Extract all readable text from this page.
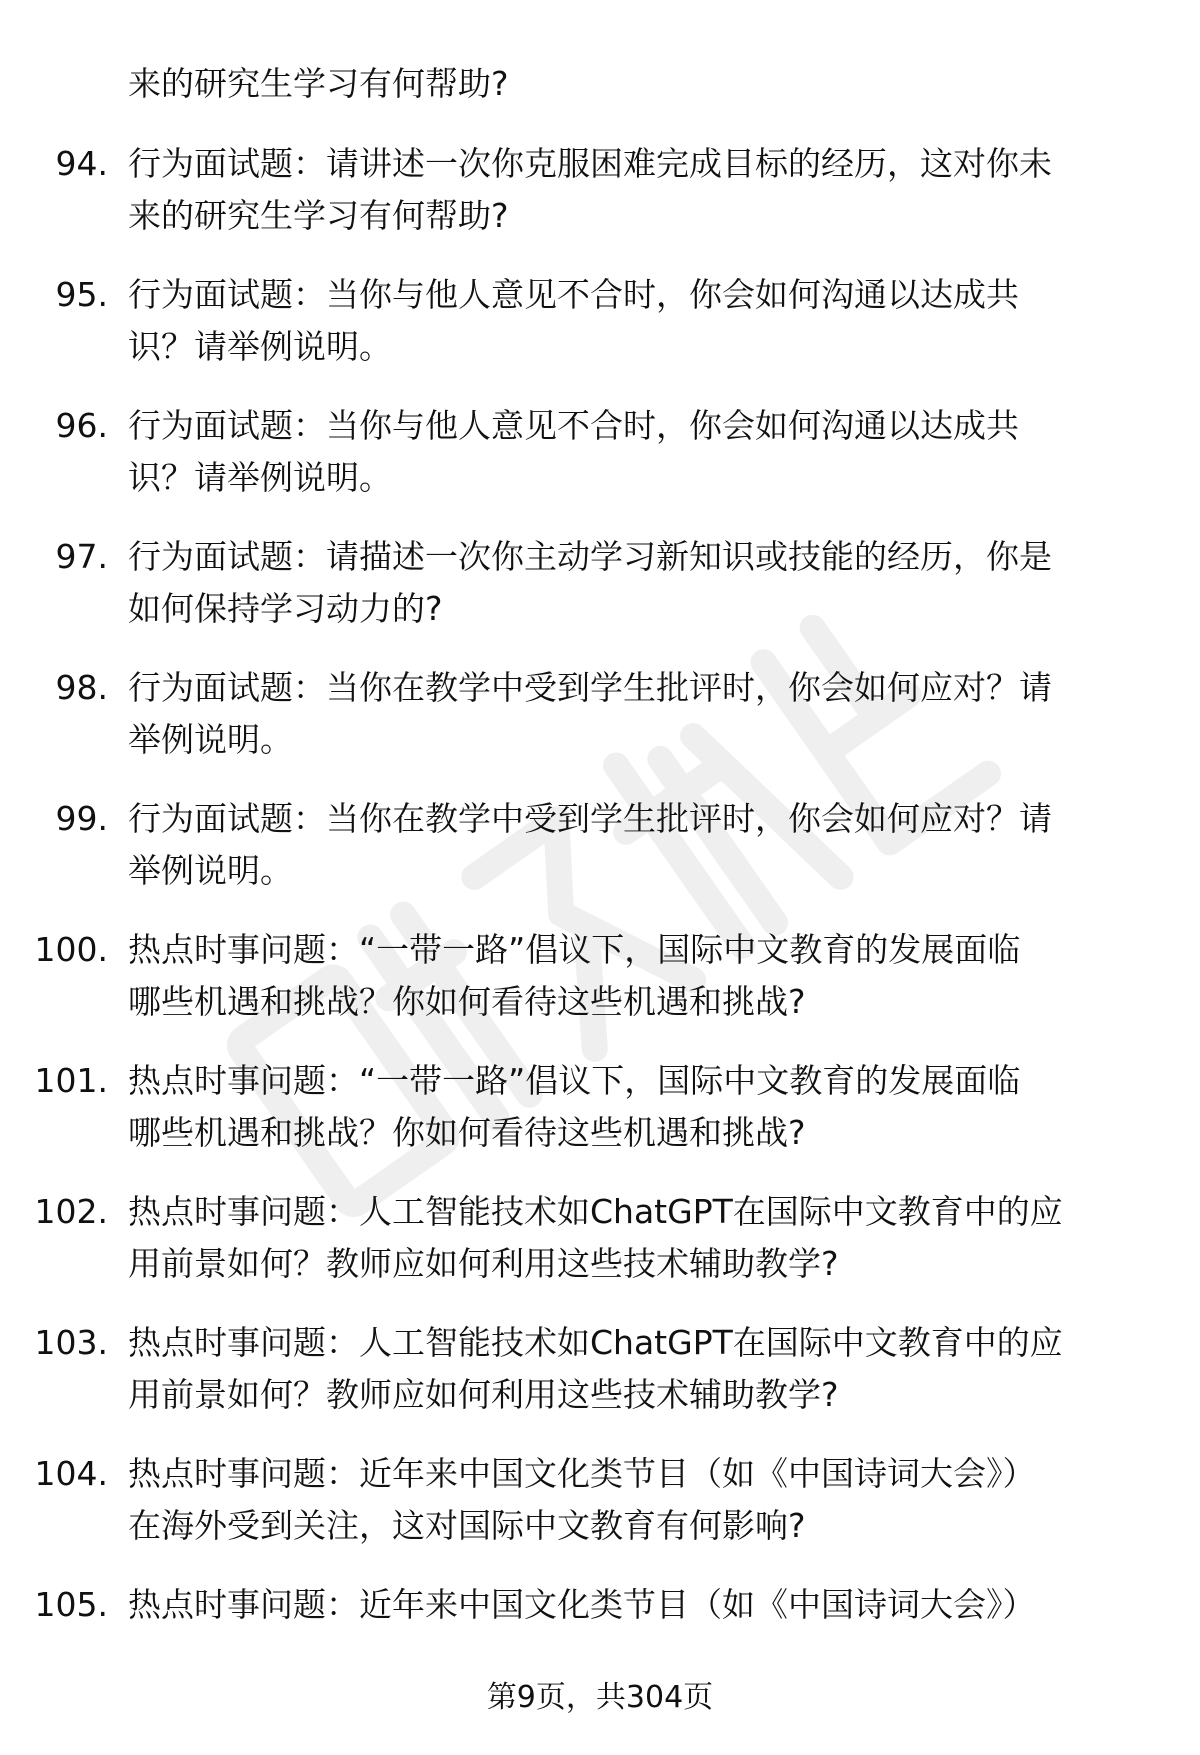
来的研究生学习有何帮助?
94. 行为面试题：请讲述一次你克服困难完成目标的经历，这对你未
来的研究生学习有何帮助?
95. 行为面试题：当你与他人意见不合时，你会如何沟通以达成共
识？请举例说明。
96. 行为面试题：当你与他人意见不合时，你会如何沟通以达成共
识？请举例说明。
97. 行为面试题：请描述一次你主动学习新知识或技能的经历，你是
如何保持学习动力的?
98. 行为面试题：当你在教学中受到学生批评时，你会如何应对？请
举例说明。
99. 行为面试题：当你在教学中受到学生批评时，你会如何应对？请
举例说明。
100. 热点时事问题：“一带一路”倡议下，国际中文教育的发展面临
哪些机遇和挑战？你如何看待这些机遇和挑战?
101. 热点时事问题：“一带一路”倡议下，国际中文教育的发展面临
哪些机遇和挑战？你如何看待这些机遇和挑战?
102. 热点时事问题：人工智能技术如ChatGPT在国际中文教育中的应
用前景如何？教师应如何利用这些技术辅助教学?
103. 热点时事问题：人工智能技术如ChatGPT在国际中文教育中的应
用前景如何？教师应如何利用这些技术辅助教学?
104. 热点时事问题：近年来中国文化类节目（如《中国诗词大会》）
在海外受到关注，这对国际中文教育有何影响?
105. 热点时事问题：近年来中国文化类节目（如《中国诗词大会》）
第9页，共304页
